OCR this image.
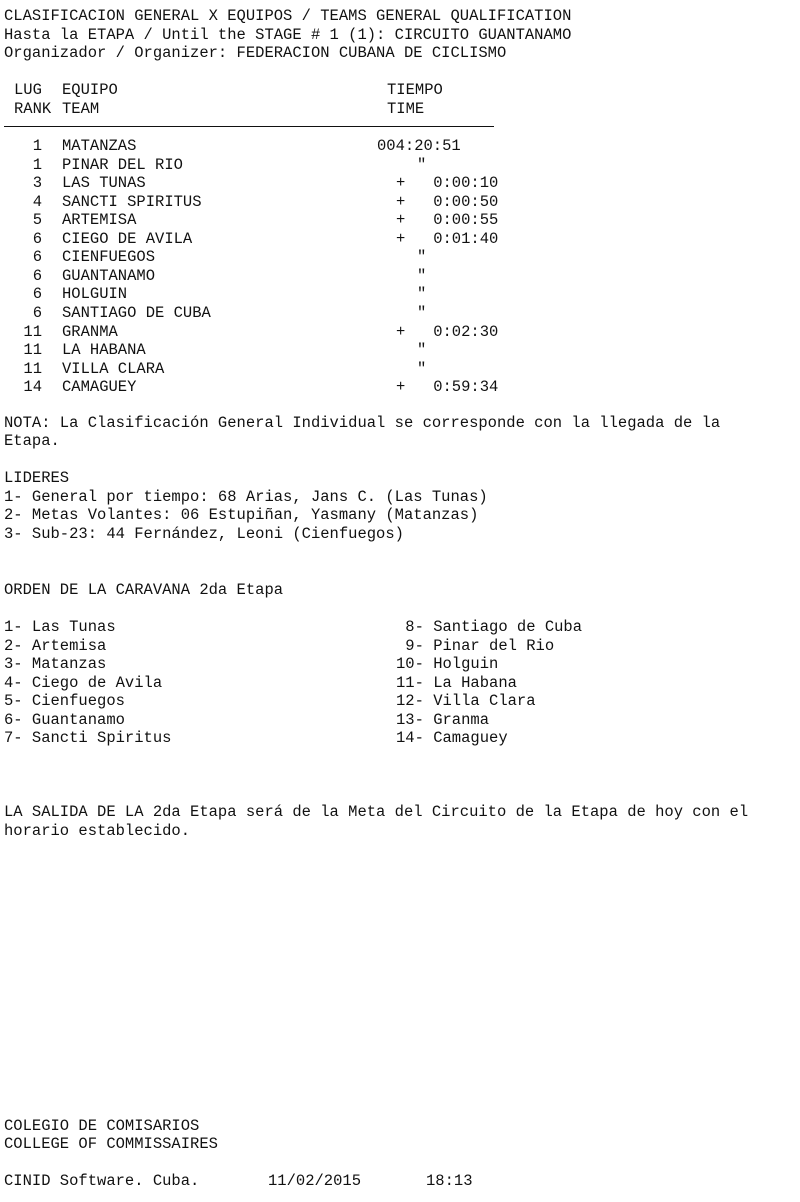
CLASIFICACION GENERAL X EQUIPOS / TEAMS GENERAL QUALIFICATION
Hasta la ETAPA / Until the STAGE # 1 (1): CIRCUITO GUANTANAMO
Organizador / Organizer: FEDERACION CUBANA DE CICLISMO
LUG EQUIPO	TIEMPO
RANK TEAM	TIME
1 MATANZAS	004:20:51
1 PINAR DEL RIO	"
3 LAS TUNAS	+   0:00:10
4 SANCTI SPIRITUS	+   0:00:50
5 ARTEMISA	+   0:00:55
6 CIEGO DE AVILA	+   0:01:40
6 CIENFUEGOS	"
6 GUANTANAMO	"
6 HOLGUIN	"
6 SANTIAGO DE CUBA	"
11 GRANMA	+   0:02:30
11 LA HABANA	"
11 VILLA CLARA	"
14 CAMAGUEY	+   0:59:34
NOTA: La Clasificación General Individual se corresponde con la llegada de la
Etapa.
LIDERES
1- General por tiempo: 68 Arias, Jans C. (Las Tunas)
2- Metas Volantes: 06 Estupiñan, Yasmany (Matanzas)
3- Sub-23: 44 Fernández, Leoni (Cienfuegos)
ORDEN DE LA CARAVANA 2da Etapa
1- Las Tunas
2- Artemisa
3- Matanzas
4- Ciego de Avila
5- Cienfuegos
6- Guantanamo
7- Sancti Spiritus
8- Santiago de Cuba
9- Pinar del Rio
10- Holguin
11- La Habana
12- Villa Clara
13- Granma
14- Camaguey
LA SALIDA DE LA 2da Etapa será de la Meta del Circuito de la Etapa de hoy con el
horario establecido.
COLEGIO DE COMISARIOS
COLLEGE OF COMMISSAIRES
CINID Software. Cuba.	11/02/2015	18:13
